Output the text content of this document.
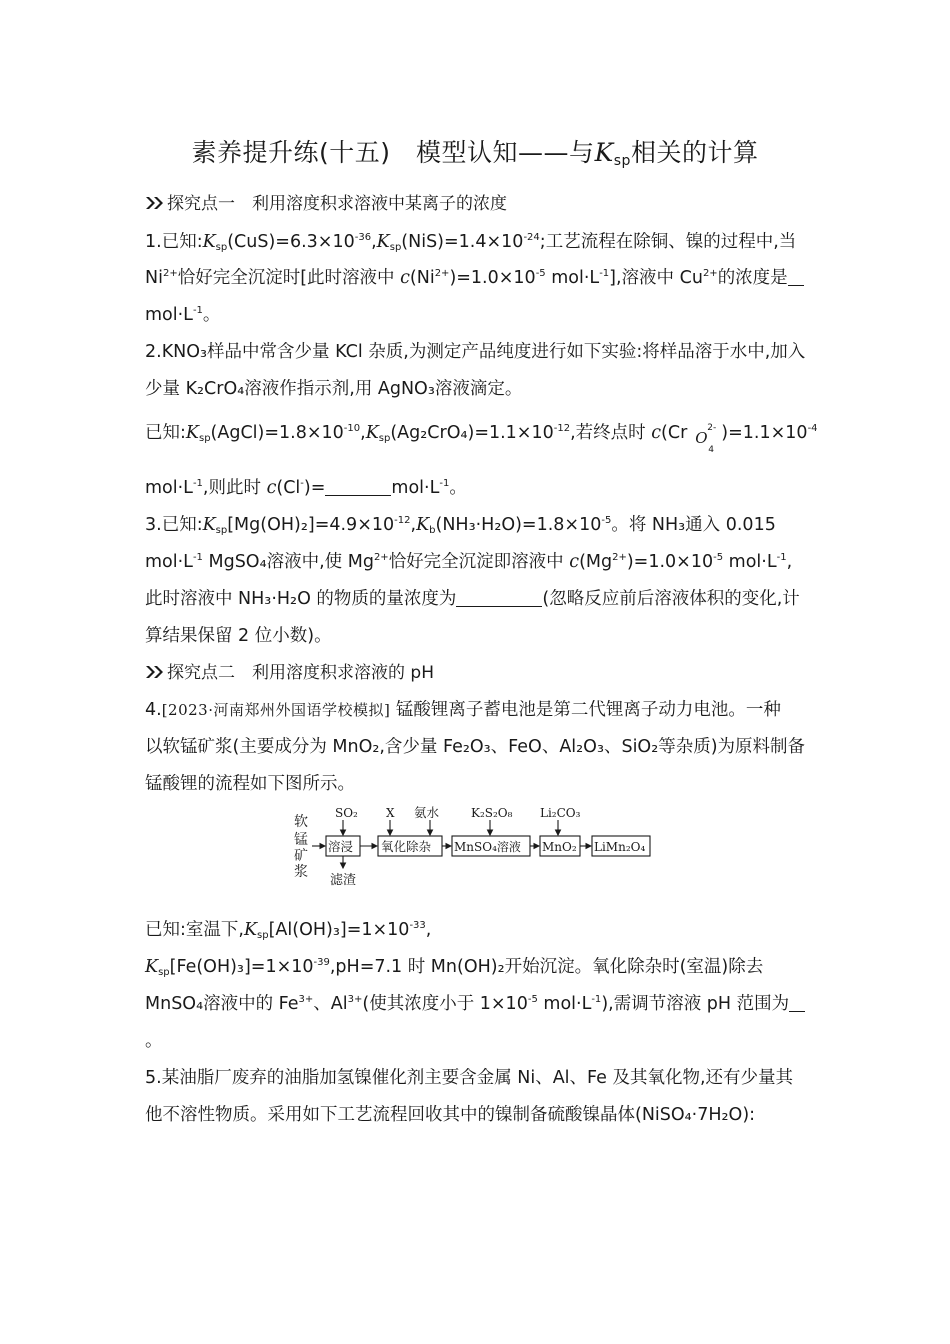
素养提升练(十五)　模型认知——与$K_{sp}$相关的计算
探究点一　利用溶度积求溶液中某离子的浓度
1.已知$:K_{sp}(CuS)=6.3\times 10^{-36},K_{sp}(NiS)=1.4\times 10^{-24}$;工艺流程在除铜、镍的过程中,当
$Ni^{2+}$恰好完全沉淀时[此时溶液中 $c(Ni^{2+})=1.0\times 10^{-5}$ $mol\cdot L^{-1}$],溶液中 $Cu^{2+}$的浓度是
$mol\cdot L^{-1}$。
2.KNO₃样品中常含少量 KCl 杂质,为测定产品纯度进行如下实验:将样品溶于水中,加入
少量 K₂CrO₄溶液作指示剂,用 AgNO₃溶液滴定。
已知$:K_{sp}(AgCl)=1.8\times 10^{-10},K_{sp}(Ag_2CrO_4)=1.1\times 10^{-12}$,若终点时 c(Cr 2-
O
4
)$=1.1\times 10^{-4}$
$mol\cdot L^{-1}$,则此时 c(Cl-)=	$mol\cdot L^{-1}$。
3.已知$:K_{sp}[Mg(OH)_2]=4.9\times 10^{-12},K_b(NH_3\cdot H_2O)=1.8\times 10^{-5}$。将 NH₃通入 0.015
$mol\cdot L^{-1}$ MgSO₄溶液中,使 $Mg^{2+}$恰好完全沉淀即溶液中 $c(Mg^{2+})=1.0\times 10^{-5}$ $mol\cdot L^{-1}$,
此时溶液中 NH₃·H₂O 的物质的量浓度为	(忽略反应前后溶液体积的变化,计
算结果保留 2 位小数)。
探究点二　利用溶度积求溶液的 pH
4.[2023·河南郑州外国语学校模拟] 锰酸锂离子蓄电池是第二代锂离子动力电池。一种
以软锰矿浆(主要成分为 MnO₂,含少量 Fe₂O₃、FeO、Al₂O₃、SiO₂等杂质)为原料制备
锰酸锂的流程如下图所示。
软
锰
矿
浆
溶浸 氧化除杂 MnSO₄溶液 MnO₂ LiMn₂O₄
SO₂ X 氨水	K₂S₂O₈ Li₂CO₃
滤渣
已知:室温下$,K_{sp}[Al(OH)_3]=1\times 10^{-33}$,
$K_{sp}[Fe(OH)_3]=1\times 10^{-39},pH=7.1$ 时 Mn(OH)₂开始沉淀。氧化除杂时(室温)除去
MnSO₄溶液中的 $Fe^{3+}$、$Al^{3+}$(使其浓度小于 $1\times 10^{-5}$ $mol\cdot L^{-1}$),需调节溶液 pH 范围为
。
5.某油脂厂废弃的油脂加氢镍催化剂主要含金属 Ni、Al、Fe 及其氧化物,还有少量其
他不溶性物质。采用如下工艺流程回收其中的镍制备硫酸镍晶体(NiSO₄·7H₂O):
